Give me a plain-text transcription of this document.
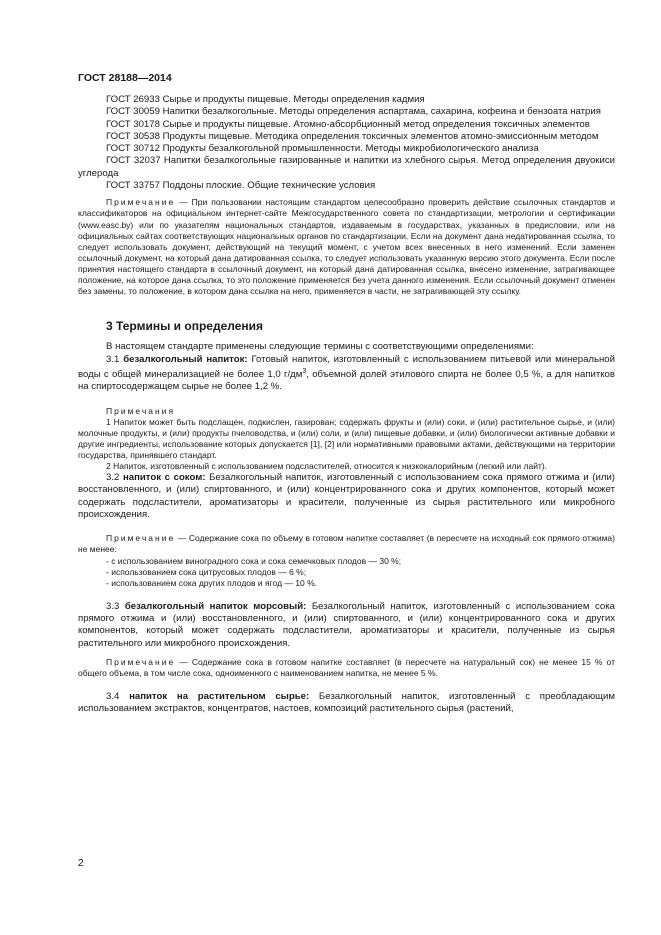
ГОСТ 28188—2014

ГОСТ 26933 Сырье и продукты пищевые. Методы определения кадмия

ГОСТ 30059 Напитки безалкогольные. Методы определения аспартама, сахарина, кофеина и бензоата натрия

ГОСТ 30178 Сырье и продукты пищевые. Атомно-абсорбционный метод определения токсичных элементов

ГОСТ 30538 Продукты пищевые. Методика определения токсичных элементов атомно-эмиссионным методом

ГОСТ 30712 Продукты безалкогольной промышленности. Методы микробиологического анализа

ГОСТ 32037 Напитки безалкогольные газированные и напитки из хлебного сырья. Метод определения двуокиси углерода

ГОСТ 33757 Поддоны плоские. Общие технические условия

Примечание — При пользовании настоящим стандартом целесообразно проверить действие ссылочных стандартов и классификаторов на официальном интернет-сайте Межгосударственного совета по стандартизации, метрологии и сертификации (www.easc.by) или по указателям национальных стандартов, издаваемым в государствах, указанных в предисловии, или на официальных сайтах соответствующих национальных органов по стандартизации. Если на документ дана недатированная ссылка, то следует использовать документ, действующий на текущий момент, с учетом всех внесенных в него изменений. Если заменен ссылочный документ, на который дана датированная ссылка, то следует использовать указанную версию этого документа. Если после принятия настоящего стандарта в ссылочный документ, на который дана датированная ссылка, внесено изменение, затрагивающее положение, на которое дана ссылка, то это положение применяется без учета данного изменения. Если ссылочный документ отменен без замены, то положение, в котором дана ссылка на него, применяется в части, не затрагивающей эту ссылку.

3 Термины и определения

В настоящем стандарте применены следующие термины с соответствующими определениями:

3.1 безалкогольный напиток: Готовый напиток, изготовленный с использованием питьевой или минеральной воды с общей минерализацией не более 1,0 $г/дм^3$, объемной долей этилового спирта не более 0,5 %, а для напитков на спиртосодержащем сырье не более 1,2 %.

Примечания

1 Напиток может быть подслащен, подкислен, газирован; содержать фрукты и (или) соки, и (или) растительное сырье, и (или) молочные продукты, и (или) продукты пчеловодства, и (или) соли, и (или) пищевые добавки, и (или) биологически активные добавки и другие ингредиенты, использование которых допускается [1], [2] или нормативными правовыми актами, действующими на территории государства, принявшего стандарт.

2 Напиток, изготовленный с использованием подсластителей, относится к низкокалорийным (легкий или лайт).

3.2 напиток с соком: Безалкогольный напиток, изготовленный с использованием сока прямого отжима и (или) восстановленного, и (или) спиртованного, и (или) концентрированного сока и других компонентов, который может содержать подсластители, ароматизаторы и красители, полученные из сырья растительного или микробного происхождения.

Примечание — Содержание сока по объему в готовом напитке составляет (в пересчете на исходный сок прямого отжима) не менее:

- с использованием виноградного сока и сока семечковых плодов — 30 %;

- использованием сока цитрусовых плодов — 6 %;

- использованием сока других плодов и ягод — 10 %.

3.3 безалкогольный напиток морсовый: Безалкогольный напиток, изготовленный с использованием сока прямого отжима и (или) восстановленного, и (или) спиртованного, и (или) концентрированного сока и других компонентов, который может содержать подсластители, ароматизаторы и красители, полученные из сырья растительного или микробного происхождения.

Примечание — Содержание сока в готовом напитке составляет (в пересчете на натуральный сок) не менее 15 % от общего объема, в том числе сока, одноименного с наименованием напитка, не менее 5 %.

3.4 напиток на растительном сырье: Безалкогольный напиток, изготовленный с преобладающим использованием экстрактов, концентратов, настоев, композиций растительного сырья (растений,

2
